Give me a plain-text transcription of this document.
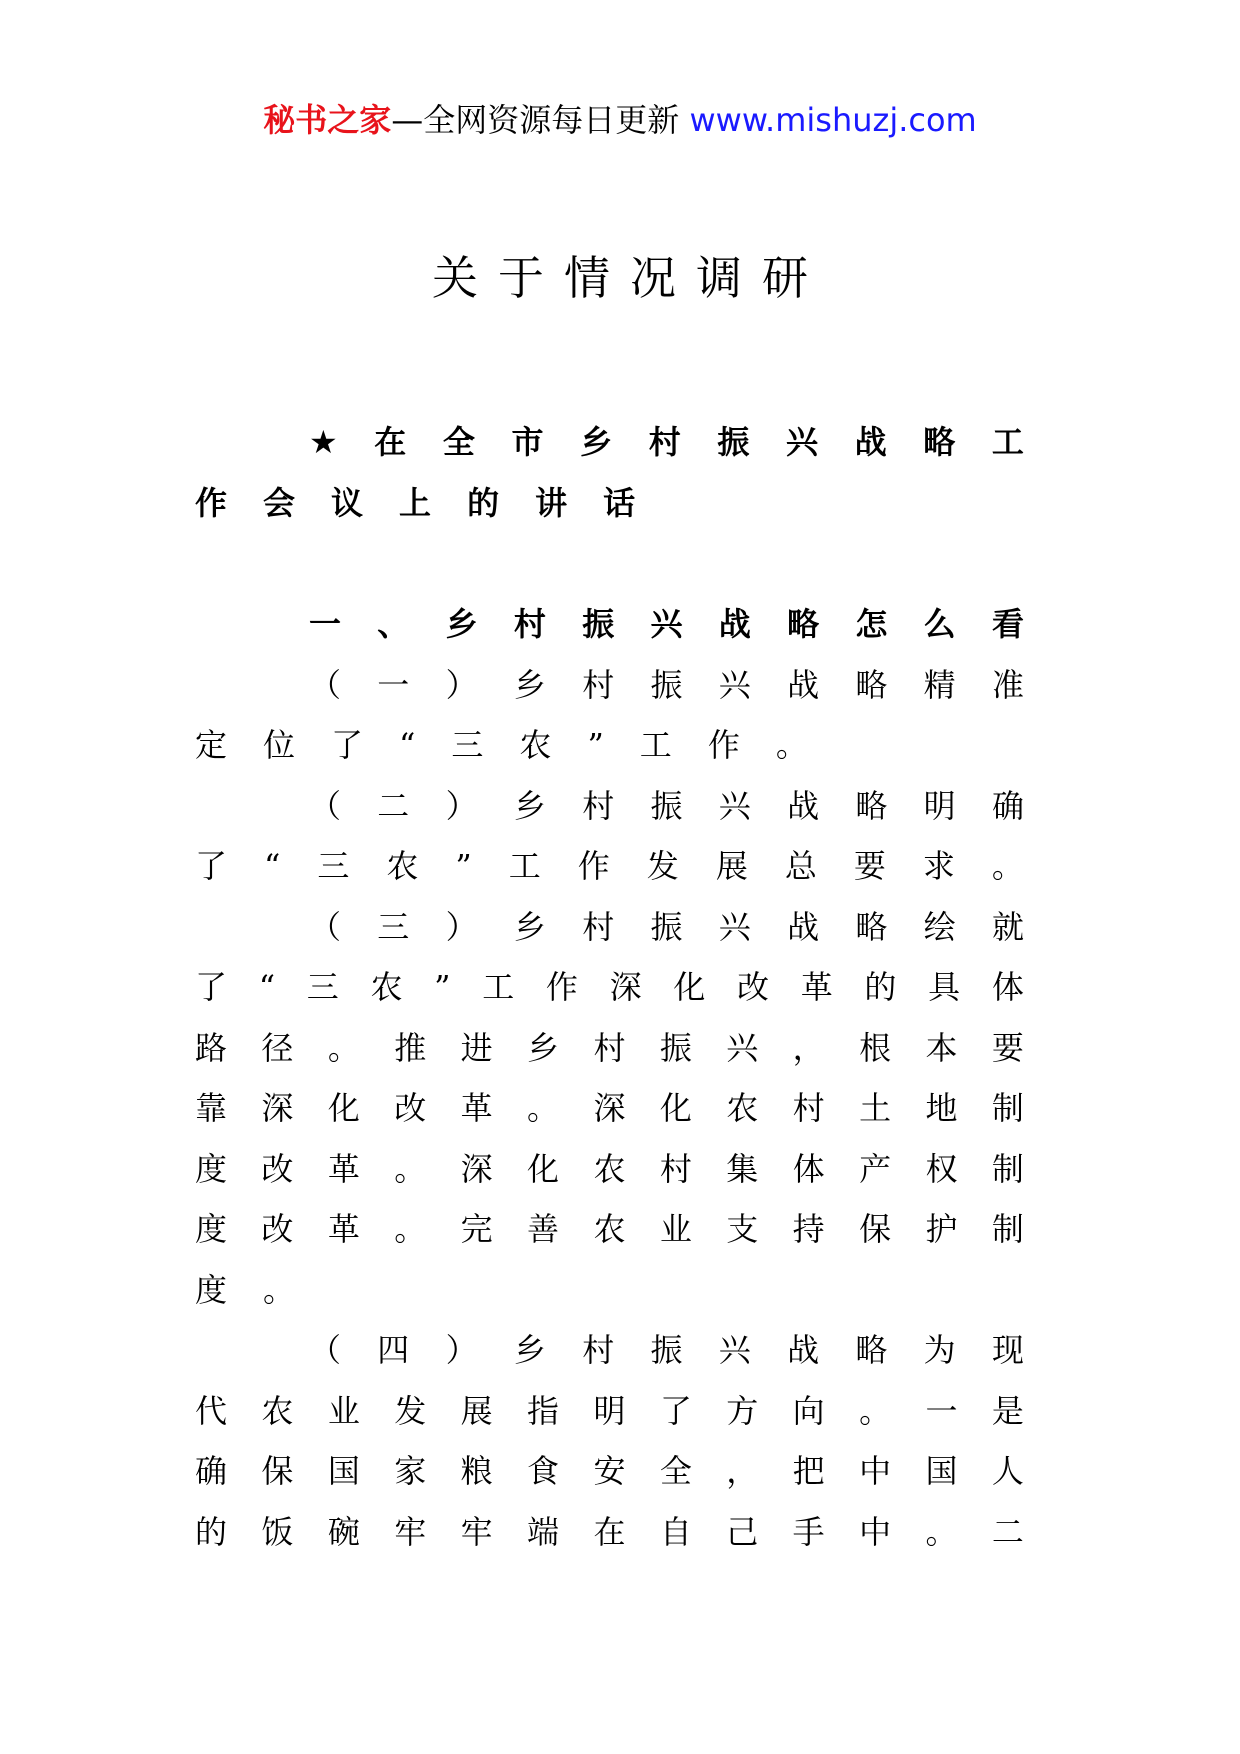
秘书之家—全网资源每日更新 www.mishuzj.com
关于情况调研
★ 在 全 市 乡 村 振 兴 战 略 工
作 会 议 上 的 讲 话
一 、 乡 村 振 兴 战 略 怎 么 看
（ 一 ） 乡 村 振 兴 战 略 精 准
定 位 了 “ 三 农 ” 工 作 。
（ 二 ） 乡 村 振 兴 战 略 明 确
了 “ 三 农 ” 工 作 发 展 总 要 求 。
（ 三 ） 乡 村 振 兴 战 略 绘 就
了 “ 三 农 ” 工 作 深 化 改 革 的 具 体
路 径 。 推 进 乡 村 振 兴 ， 根 本 要
靠 深 化 改 革 。 深 化 农 村 土 地 制
度 改 革 。 深 化 农 村 集 体 产 权 制
度 改 革 。 完 善 农 业 支 持 保 护 制
度 。
（ 四 ） 乡 村 振 兴 战 略 为 现
代 农 业 发 展 指 明 了 方 向 。 一 是
确 保 国 家 粮 食 安 全 ， 把 中 国 人
的 饭 碗 牢 牢 端 在 自 己 手 中 。 二
